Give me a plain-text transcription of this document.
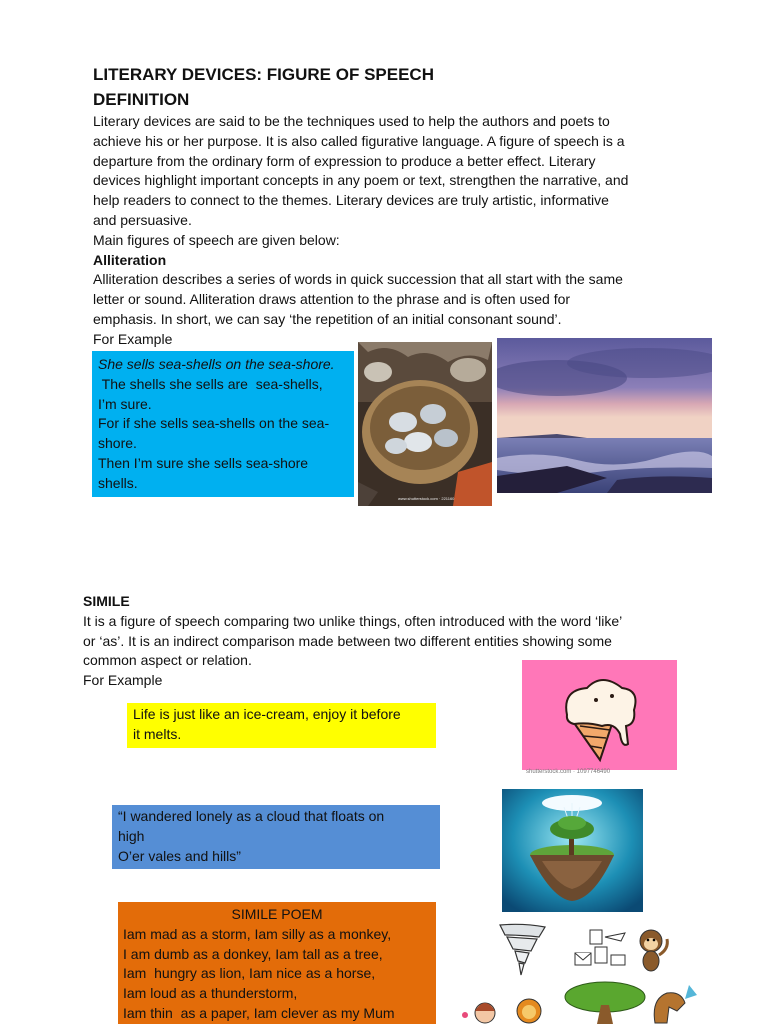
LITERARY DEVICES: FIGURE OF SPEECH
DEFINITION
Literary devices are said to be the techniques used to help the authors and poets to
achieve his or her purpose. It is also called figurative language. A figure of speech is a
departure from the ordinary form of expression to produce a better effect. Literary
devices highlight important concepts in any poem or text, strengthen the narrative, and
help readers to connect to the themes. Literary devices are truly artistic, informative
and persuasive.
Main figures of speech are given below:
Alliteration
Alliteration describes a series of words in quick succession that all start with the same
letter or sound. Alliteration draws attention to the phrase and is often used for
emphasis. In short, we can say ‘the repetition of an initial consonant sound’.
For Example

She sells sea-shells on the sea-shore.

The shells she sells are  sea-shells,

I’m sure.

For if she sells sea-shells on the sea-

shore.

Then I’m sure she sells sea-shore

shells.

www.shutterstock.com · 221160
SIMILE
It is a figure of speech comparing two unlike things, often introduced with the word ‘like’
or ‘as’. It is an indirect comparison made between two different entities showing some
common aspect or relation.
For Example

Life is just like an ice-cream, enjoy it before

it melts.

shutterstock.com · 1097746490

“I wandered lonely as a cloud that floats on

high

O’er vales and hills”

SIMILE POEM

Iam mad as a storm, Iam silly as a monkey,

I am dumb as a donkey, Iam tall as a tree,

Iam  hungry as lion, Iam nice as a horse,

Iam loud as a thunderstorm,

Iam thin  as a paper, Iam clever as my Mum
